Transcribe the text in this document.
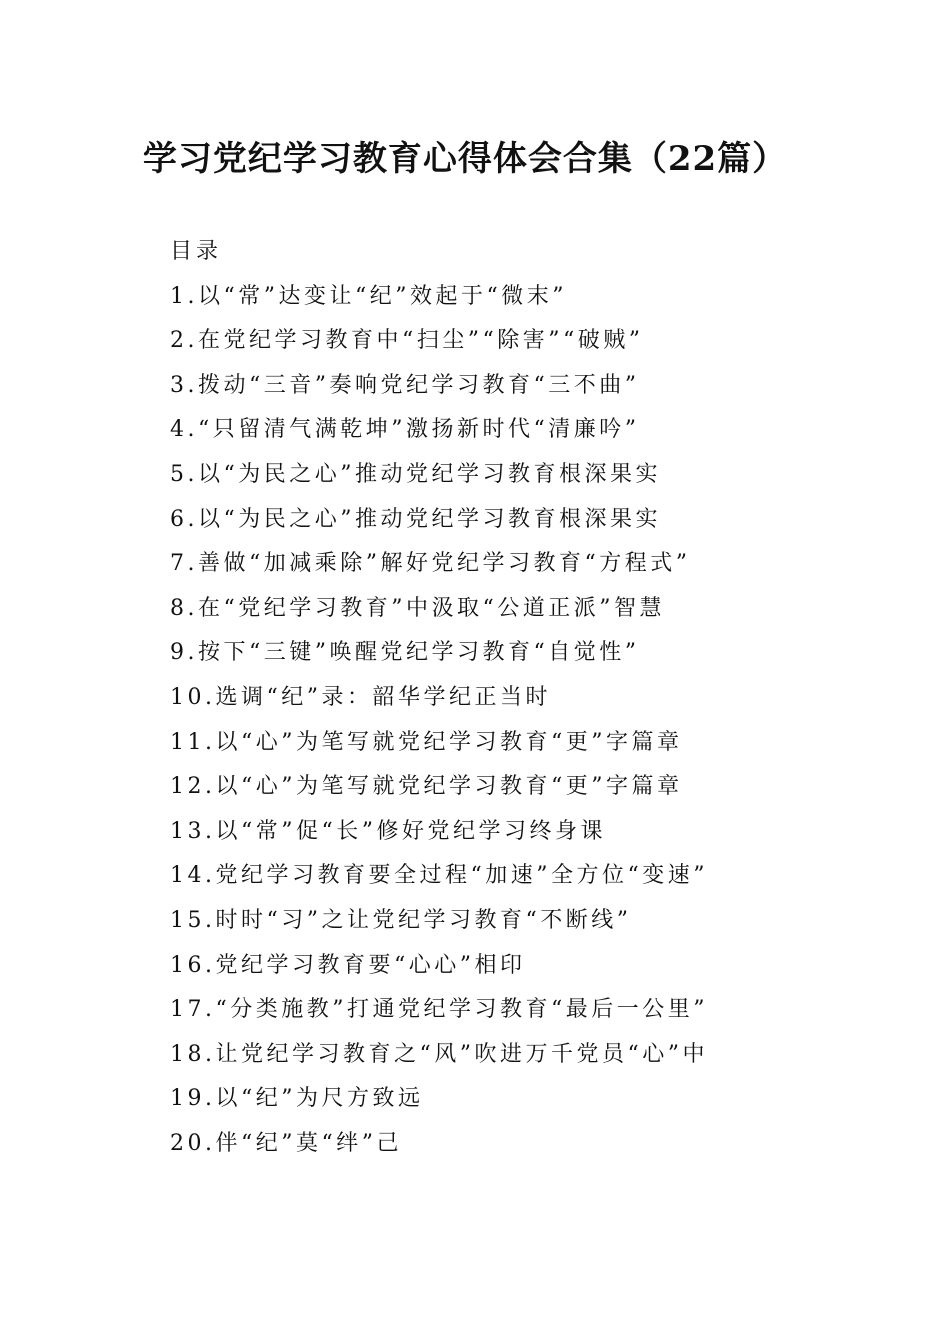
学习党纪学习教育心得体会合集（22篇）
目录
1.以“常”达变让“纪”效起于“微末”
2.在党纪学习教育中“扫尘”“除害”“破贼”
3.拨动“三音”奏响党纪学习教育“三不曲”
4.“只留清气满乾坤”激扬新时代“清廉吟”
5.以“为民之心”推动党纪学习教育根深果实
6.以“为民之心”推动党纪学习教育根深果实
7.善做“加减乘除”解好党纪学习教育“方程式”
8.在“党纪学习教育”中汲取“公道正派”智慧
9.按下“三键”唤醒党纪学习教育“自觉性”
10.选调“纪”录：韶华学纪正当时
11.以“心”为笔写就党纪学习教育“更”字篇章
12.以“心”为笔写就党纪学习教育“更”字篇章
13.以“常”促“长”修好党纪学习终身课
14.党纪学习教育要全过程“加速”全方位“变速”
15.时时“习”之让党纪学习教育“不断线”
16.党纪学习教育要“心心”相印
17.“分类施教”打通党纪学习教育“最后一公里”
18.让党纪学习教育之“风”吹进万千党员“心”中
19.以“纪”为尺方致远
20.伴“纪”莫“绊”己
